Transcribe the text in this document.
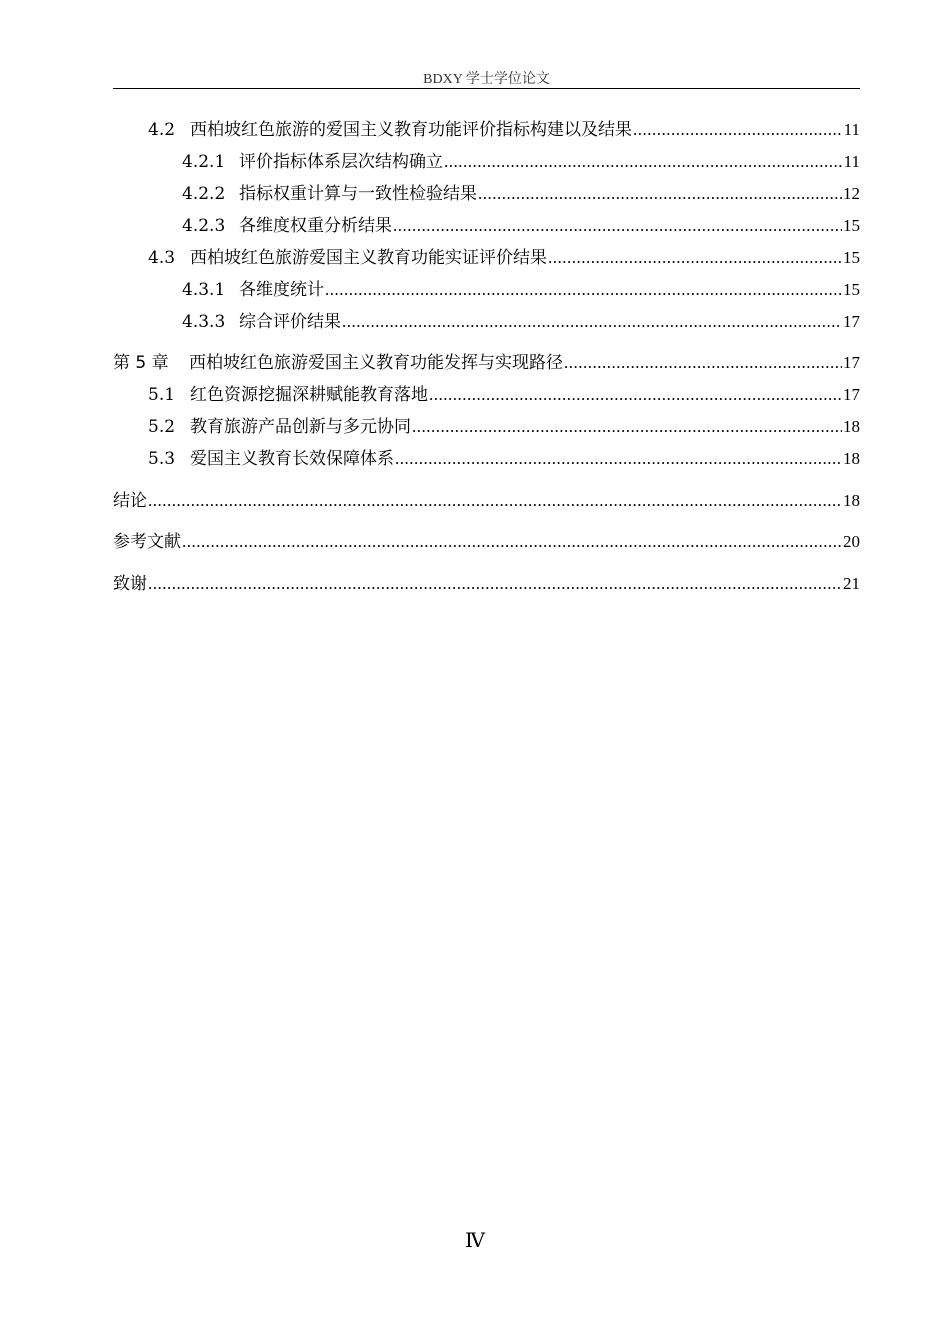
BDXY 学士学位论文
4.2 西柏坡红色旅游的爱国主义教育功能评价指标构建以及结果 .....	11
4.2.1 评价指标体系层次结构确立 .....	11
4.2.2 指标权重计算与一致性检验结果 .....	12
4.2.3 各维度权重分析结果 .....	15
4.3 西柏坡红色旅游爱国主义教育功能实证评价结果 .....	15
4.3.1 各维度统计 .....	15
4.3.3 综合评价结果 .....	17
第 5 章	西柏坡红色旅游爱国主义教育功能发挥与实现路径 .....	17
5.1 红色资源挖掘深耕赋能教育落地 .....	17
5.2 教育旅游产品创新与多元协同 .....	18
5.3 爱国主义教育长效保障体系 .....	18
结论 .....	18
参考文献 .....	20
致谢 .....	21
Ⅳ
